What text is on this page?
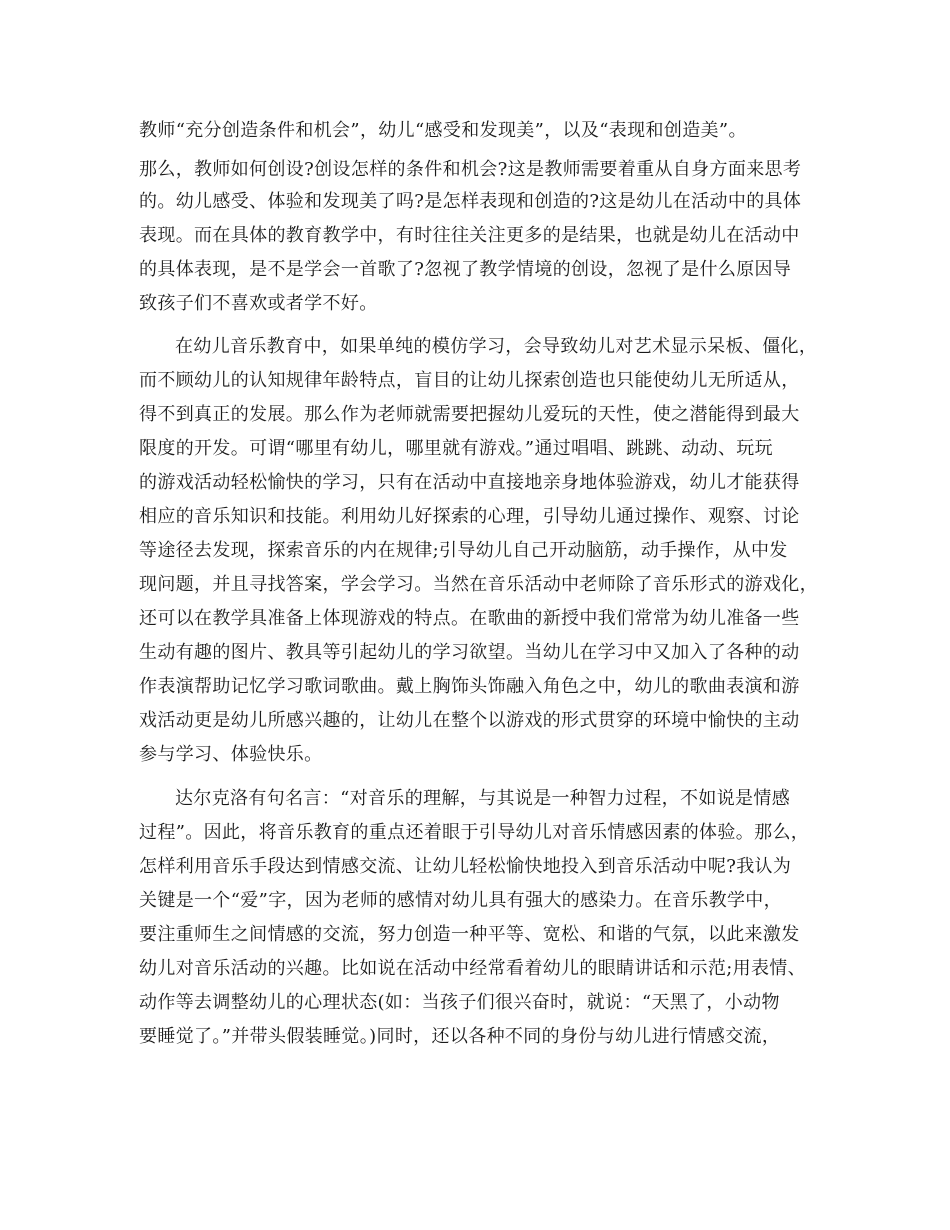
教师“充分创造条件和机会”，幼儿“感受和发现美”，以及“表现和创造美”。

那么，教师如何创设?创设怎样的条件和机会?这是教师需要着重从自身方面来思考

的。幼儿感受、体验和发现美了吗?是怎样表现和创造的?这是幼儿在活动中的具体

表现。而在具体的教育教学中，有时往往关注更多的是结果，也就是幼儿在活动中

的具体表现，是不是学会一首歌了?忽视了教学情境的创设，忽视了是什么原因导

致孩子们不喜欢或者学不好。

在幼儿音乐教育中，如果单纯的模仿学习，会导致幼儿对艺术显示呆板、僵化，

而不顾幼儿的认知规律年龄特点，盲目的让幼儿探索创造也只能使幼儿无所适从，

得不到真正的发展。那么作为老师就需要把握幼儿爱玩的天性，使之潜能得到最大

限度的开发。可谓“哪里有幼儿，哪里就有游戏。”通过唱唱、跳跳、动动、玩玩

的游戏活动轻松愉快的学习，只有在活动中直接地亲身地体验游戏，幼儿才能获得

相应的音乐知识和技能。利用幼儿好探索的心理，引导幼儿通过操作、观察、讨论

等途径去发现，探索音乐的内在规律;引导幼儿自己开动脑筋，动手操作，从中发

现问题，并且寻找答案，学会学习。当然在音乐活动中老师除了音乐形式的游戏化，

还可以在教学具准备上体现游戏的特点。在歌曲的新授中我们常常为幼儿准备一些

生动有趣的图片、教具等引起幼儿的学习欲望。当幼儿在学习中又加入了各种的动

作表演帮助记忆学习歌词歌曲。戴上胸饰头饰融入角色之中，幼儿的歌曲表演和游

戏活动更是幼儿所感兴趣的，让幼儿在整个以游戏的形式贯穿的环境中愉快的主动

参与学习、体验快乐。

达尔克洛有句名言：“对音乐的理解，与其说是一种智力过程，不如说是情感

过程”。因此，将音乐教育的重点还着眼于引导幼儿对音乐情感因素的体验。那么，

怎样利用音乐手段达到情感交流、让幼儿轻松愉快地投入到音乐活动中呢?我认为

关键是一个“爱”字，因为老师的感情对幼儿具有强大的感染力。在音乐教学中，

要注重师生之间情感的交流，努力创造一种平等、宽松、和谐的气氛，以此来激发

幼儿对音乐活动的兴趣。比如说在活动中经常看着幼儿的眼睛讲话和示范;用表情、

动作等去调整幼儿的心理状态(如：当孩子们很兴奋时，就说：“天黑了，小动物

要睡觉了。”并带头假装睡觉。)同时，还以各种不同的身份与幼儿进行情感交流，
